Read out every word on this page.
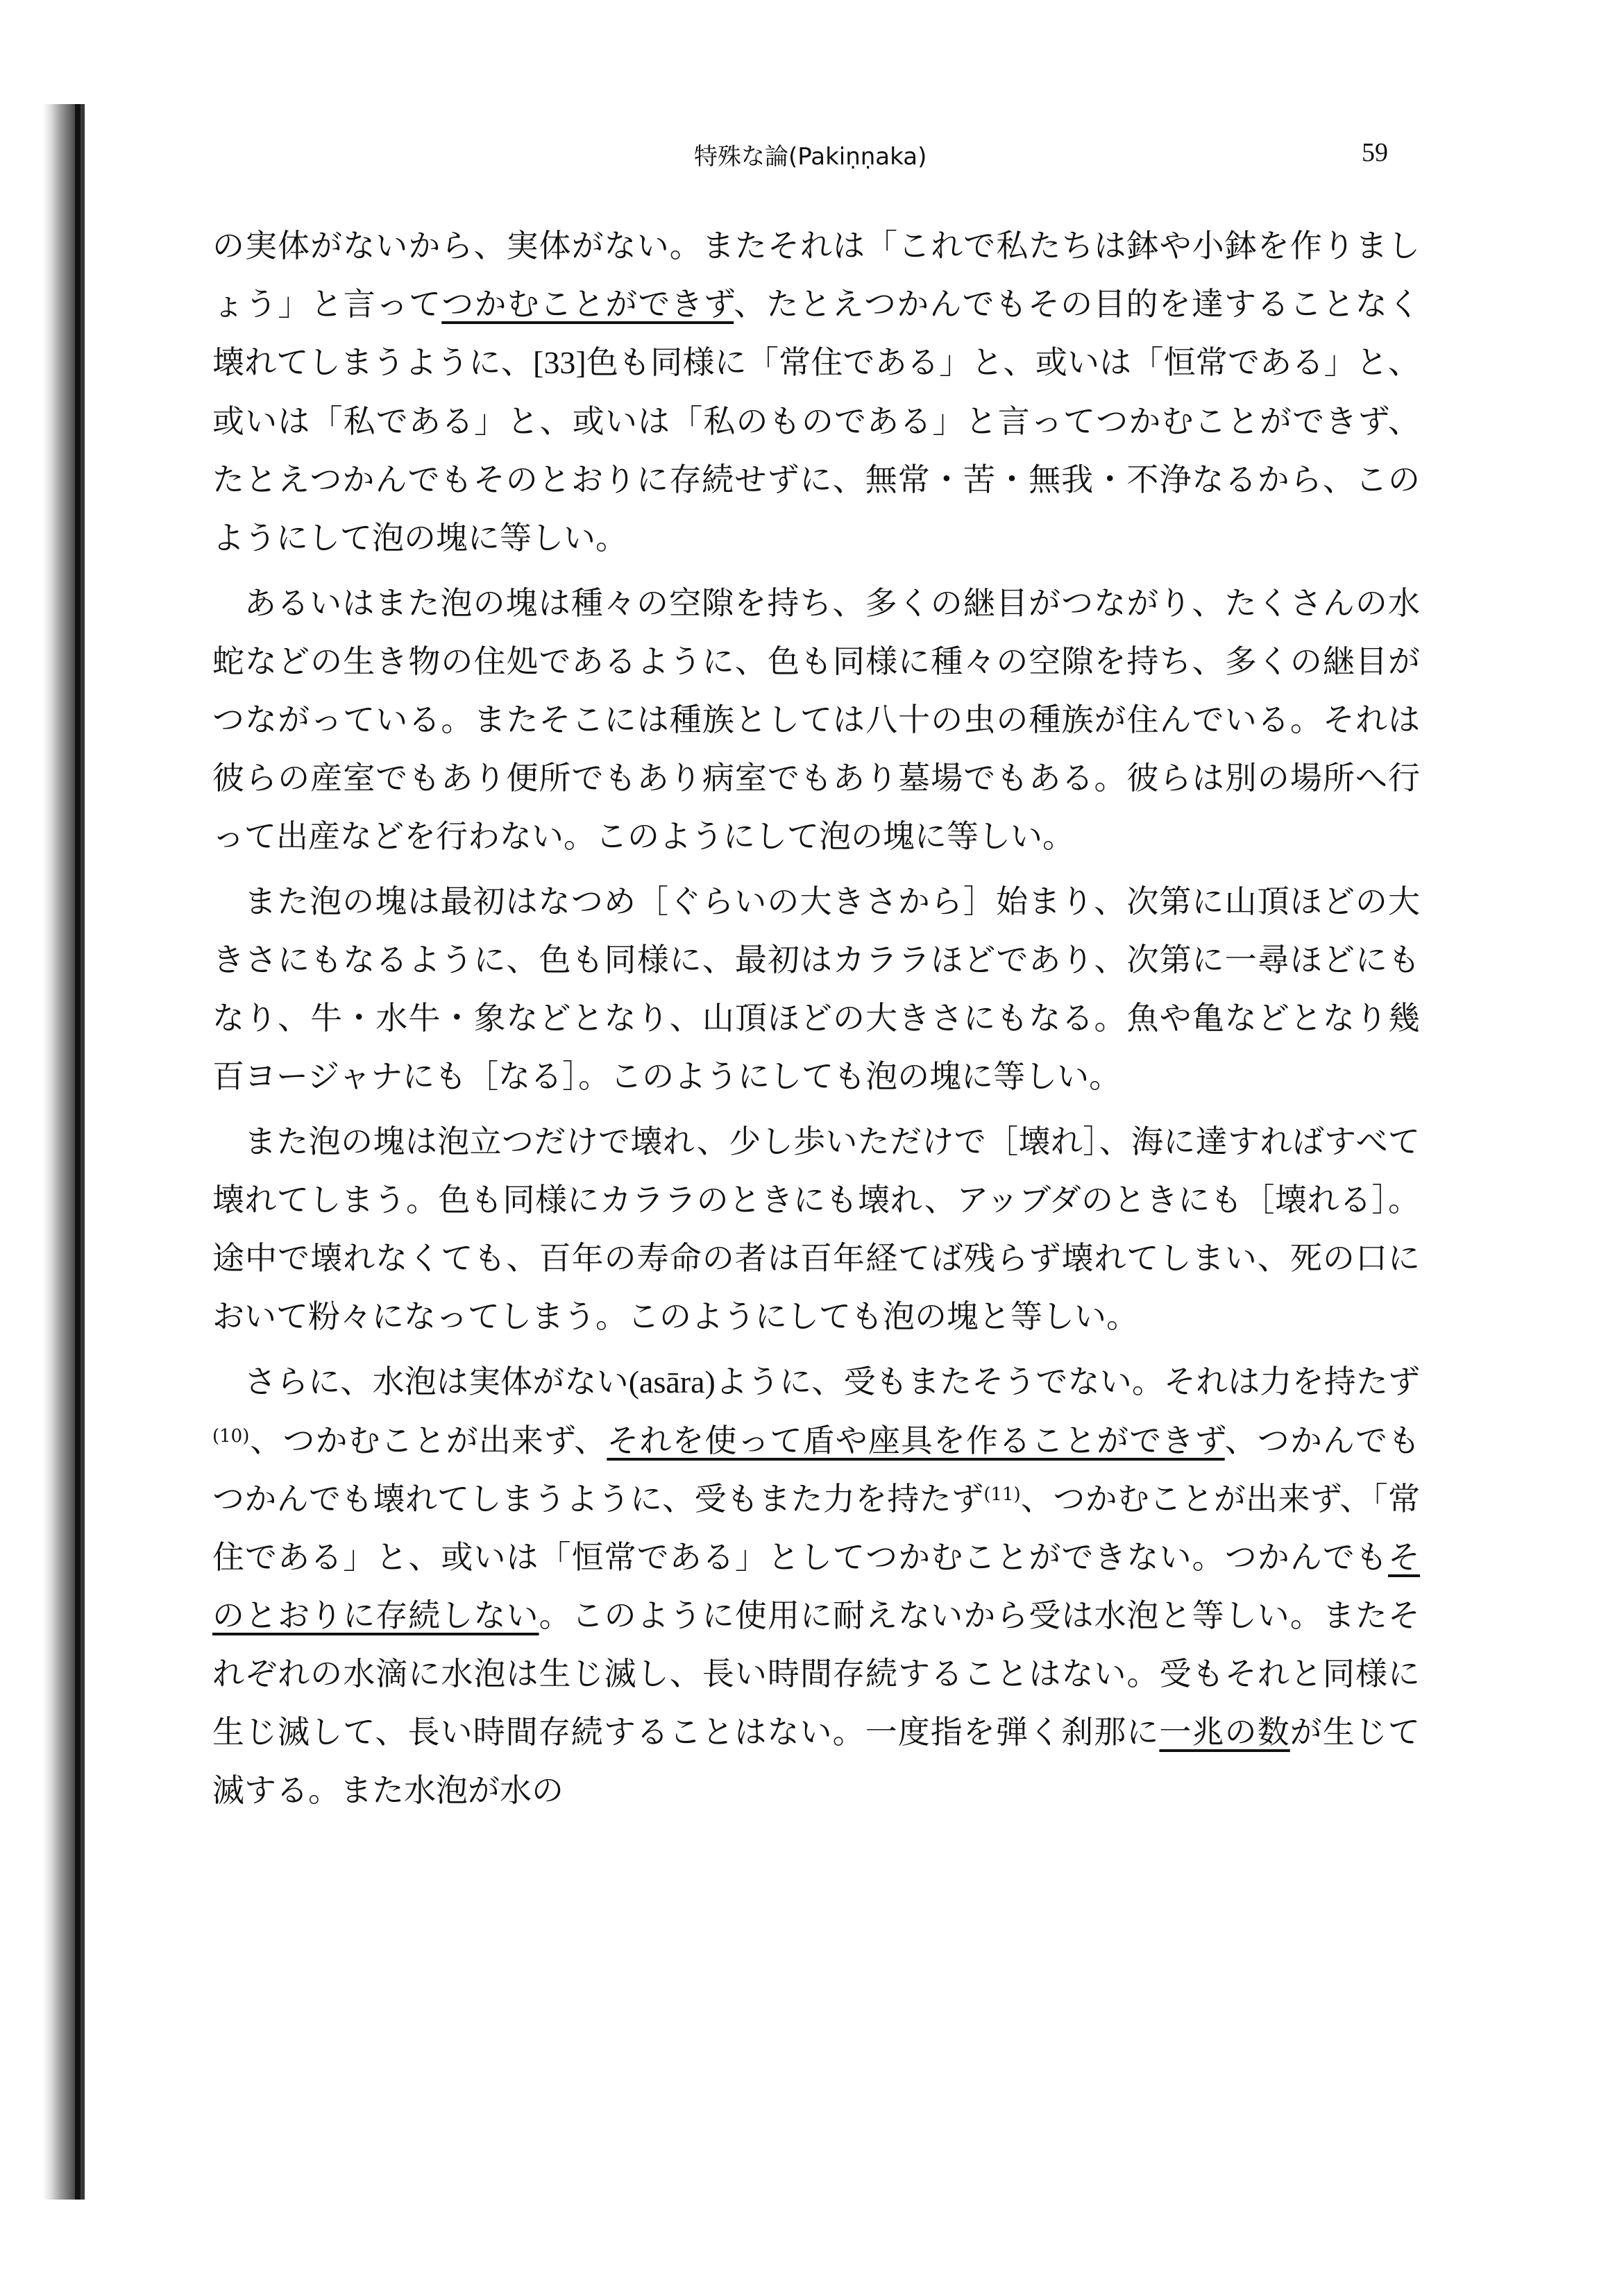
特殊な論(Pakiṇṇaka)	59

の実体がないから、実体がない。またそれは「これで私たちは鉢や小鉢を作りましょう」と言ってつかむことができず、たとえつかんでもその目的を達することなく壊れてしまうように、[33]色も同様に「常住である」と、或いは「恒常である」と、或いは「私である」と、或いは「私のものである」と言ってつかむことができず、たとえつかんでもそのとおりに存続せずに、無常・苦・無我・不浄なるから、このようにして泡の塊に等しい。

あるいはまた泡の塊は種々の空隙を持ち、多くの継目がつながり、たくさんの水蛇などの生き物の住処であるように、色も同様に種々の空隙を持ち、多くの継目がつながっている。またそこには種族としては八十の虫の種族が住んでいる。それは彼らの産室でもあり便所でもあり病室でもあり墓場でもある。彼らは別の場所へ行って出産などを行わない。このようにして泡の塊に等しい。

また泡の塊は最初はなつめ［ぐらいの大きさから］始まり、次第に山頂ほどの大きさにもなるように、色も同様に、最初はカララほどであり、次第に一尋ほどにもなり、牛・水牛・象などとなり、山頂ほどの大きさにもなる。魚や亀などとなり幾百ヨージャナにも［なる］。このようにしても泡の塊に等しい。

また泡の塊は泡立つだけで壊れ、少し歩いただけで［壊れ］、海に達すればすべて壊れてしまう。色も同様にカララのときにも壊れ、アッブダのときにも［壊れる］。途中で壊れなくても、百年の寿命の者は百年経てば残らず壊れてしまい、死の口において粉々になってしまう。このようにしても泡の塊と等しい。

さらに、水泡は実体がない(asāra)ように、受もまたそうでない。それは力を持たず$^{(10)}$、つかむことが出来ず、それを使って盾や座具を作ることができず、つかんでもつかんでも壊れてしまうように、受もまた力を持たず$^{(11)}$、つかむことが出来ず、「常住である」と、或いは「恒常である」としてつかむことができない。つかんでもそのとおりに存続しない。このように使用に耐えないから受は水泡と等しい。またそれぞれの水滴に水泡は生じ滅し、長い時間存続することはない。受もそれと同様に生じ滅して、長い時間存続することはない。一度指を弾く刹那に一兆の数が生じて滅する。また水泡が水の
